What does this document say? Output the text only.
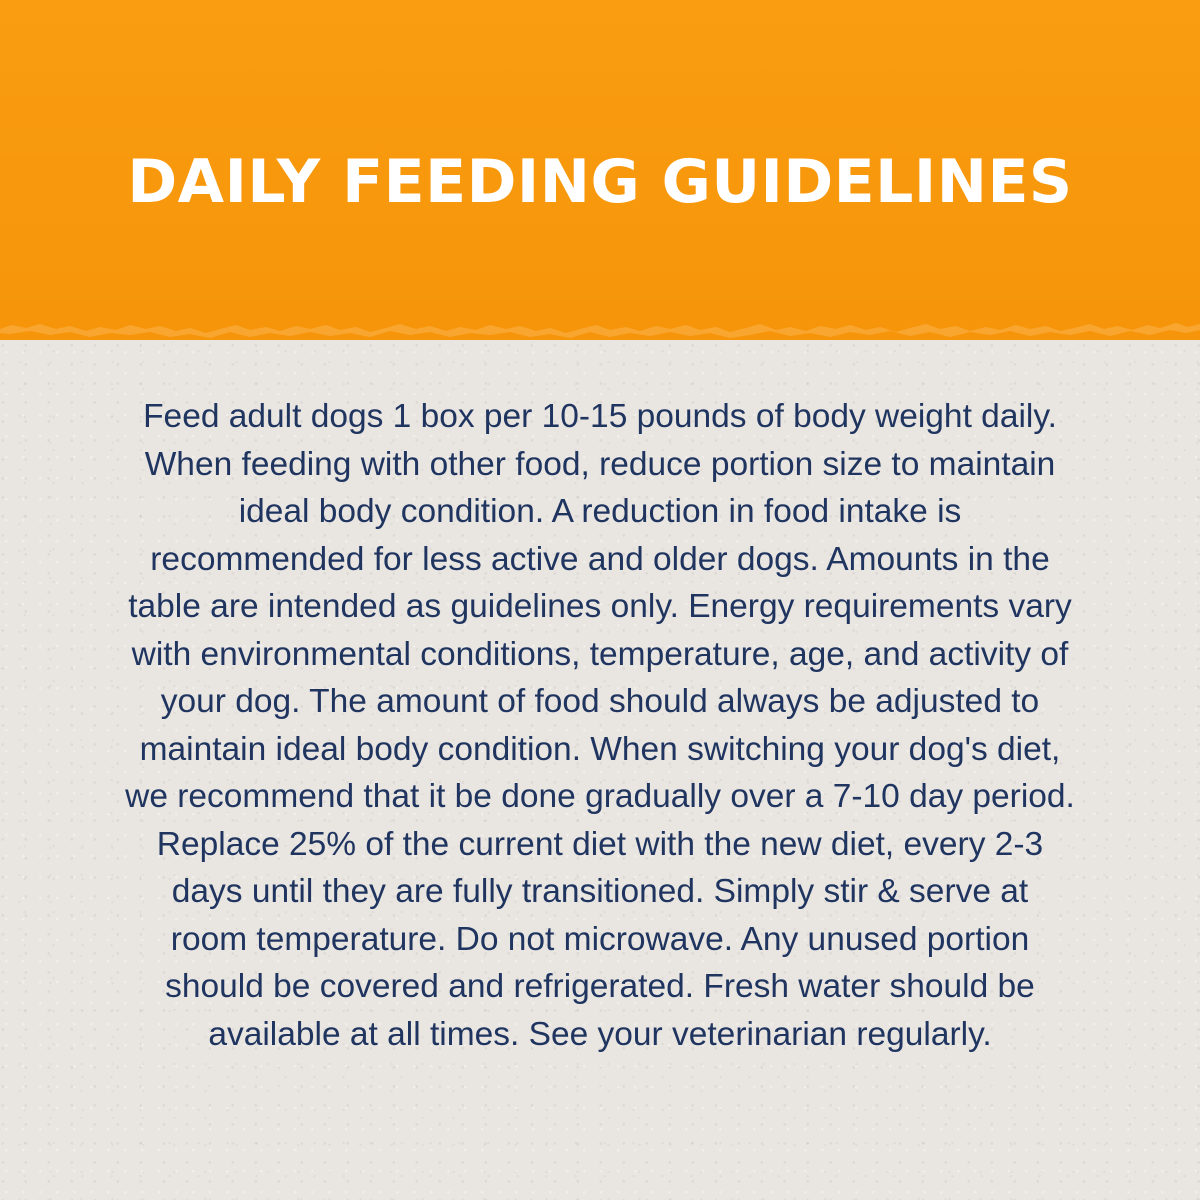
DAILY FEEDING GUIDELINES

Feed adult dogs 1 box per 10-15 pounds of body weight daily.
When feeding with other food, reduce portion size to maintain
ideal body condition. A reduction in food intake is
recommended for less active and older dogs. Amounts in the
table are intended as guidelines only. Energy requirements vary
with environmental conditions, temperature, age, and activity of
your dog. The amount of food should always be adjusted to
maintain ideal body condition. When switching your dog's diet,
we recommend that it be done gradually over a 7-10 day period.
Replace 25% of the current diet with the new diet, every 2-3
days until they are fully transitioned. Simply stir & serve at
room temperature. Do not microwave. Any unused portion
should be covered and refrigerated. Fresh water should be
available at all times. See your veterinarian regularly.
